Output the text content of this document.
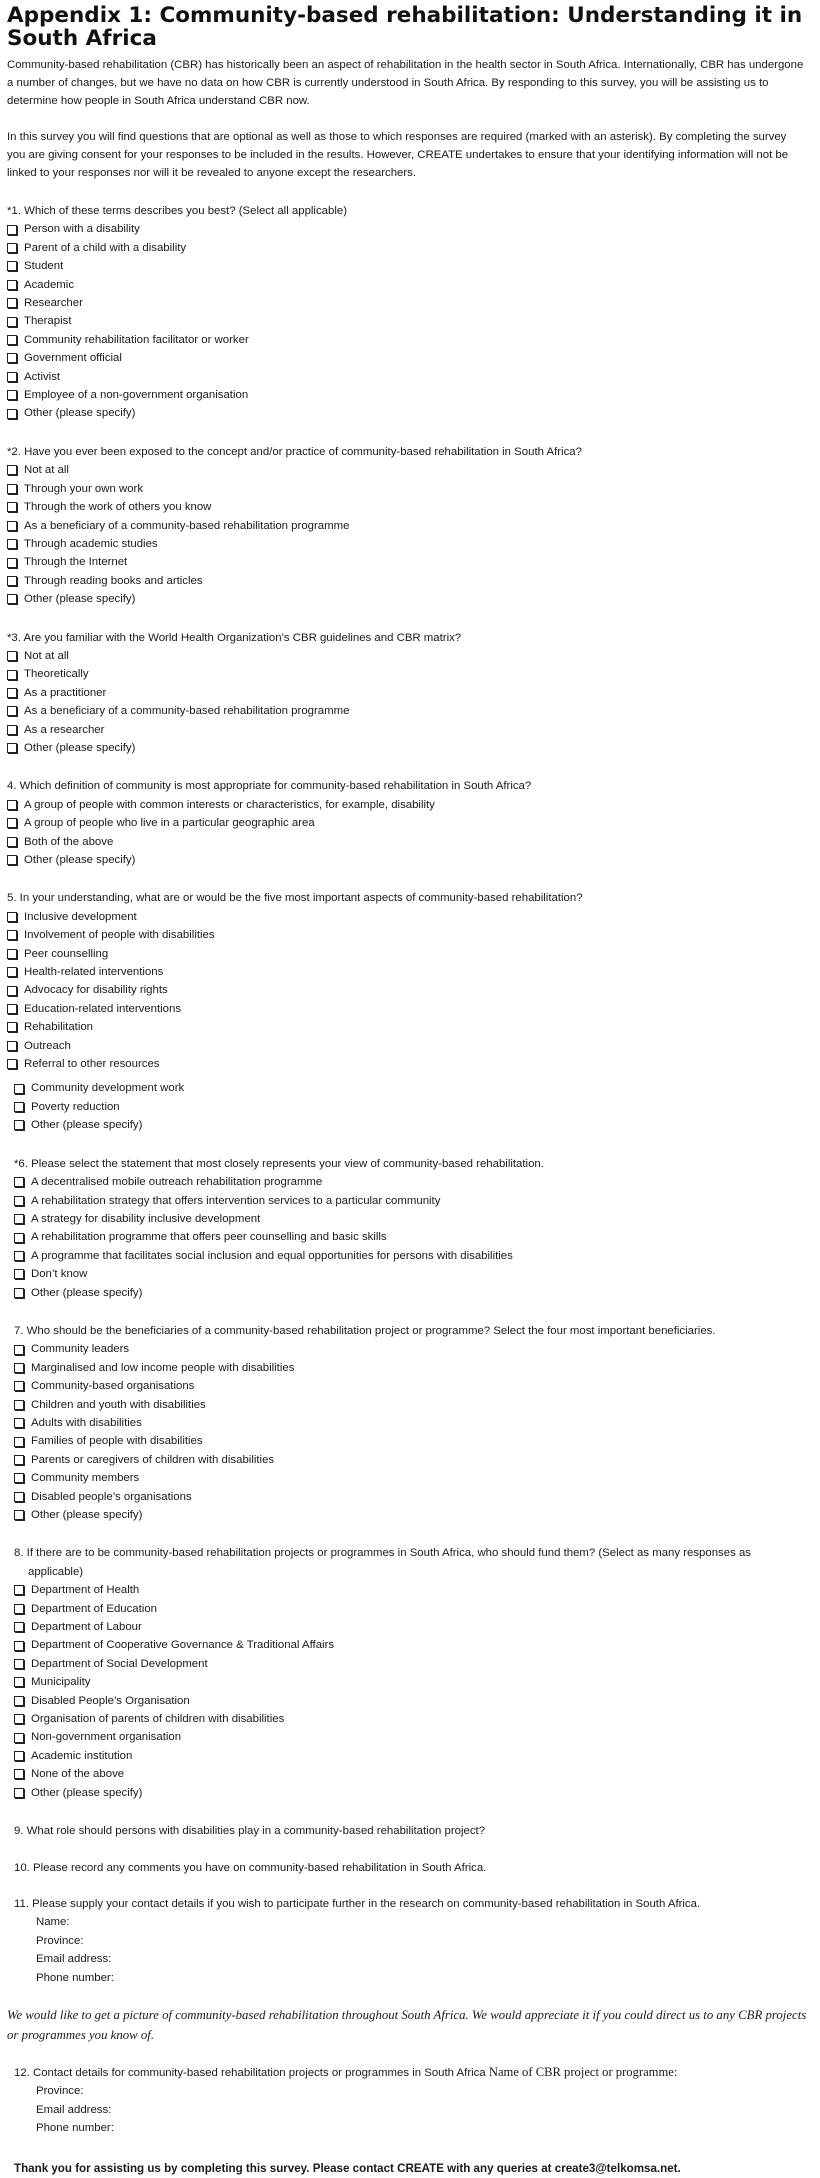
Appendix 1: Community-based rehabilitation: Understanding it in South Africa

Community-based rehabilitation (CBR) has historically been an aspect of rehabilitation in the health sector in South Africa. Internationally, CBR has undergone a number of changes, but we have no data on how CBR is currently understood in South Africa. By responding to this survey, you will be assisting us to determine how people in South Africa understand CBR now.

In this survey you will find questions that are optional as well as those to which responses are required (marked with an asterisk). By completing the survey you are giving consent for your responses to be included in the results. However, CREATE undertakes to ensure that your identifying information will not be linked to your responses nor will it be revealed to anyone except the researchers.

*1. Which of these terms describes you best? (Select all applicable)
Person with a disability
Parent of a child with a disability
Student
Academic
Researcher
Therapist
Community rehabilitation facilitator or worker
Government official
Activist
Employee of a non-government organisation
Other (please specify)
*2. Have you ever been exposed to the concept and/or practice of community-based rehabilitation in South Africa?
Not at all
Through your own work
Through the work of others you know
As a beneficiary of a community-based rehabilitation programme
Through academic studies
Through the Internet
Through reading books and articles
Other (please specify)
*3. Are you familiar with the World Health Organization’s CBR guidelines and CBR matrix?
Not at all
Theoretically
As a practitioner
As a beneficiary of a community-based rehabilitation programme
As a researcher
Other (please specify)
4. Which definition of community is most appropriate for community-based rehabilitation in South Africa?
A group of people with common interests or characteristics, for example, disability
A group of people who live in a particular geographic area
Both of the above
Other (please specify)
5. In your understanding, what are or would be the five most important aspects of community-based rehabilitation?
Inclusive development
Involvement of people with disabilities
Peer counselling
Health-related interventions
Advocacy for disability rights
Education-related interventions
Rehabilitation
Outreach
Referral to other resources
Community development work
Poverty reduction
Other (please specify)
*6. Please select the statement that most closely represents your view of community-based rehabilitation.
A decentralised mobile outreach rehabilitation programme
A rehabilitation strategy that offers intervention services to a particular community
A strategy for disability inclusive development
A rehabilitation programme that offers peer counselling and basic skills
A programme that facilitates social inclusion and equal opportunities for persons with disabilities
Don’t know
Other (please specify)
7. Who should be the beneficiaries of a community-based rehabilitation project or programme? Select the four most important beneficiaries.
Community leaders
Marginalised and low income people with disabilities
Community-based organisations
Children and youth with disabilities
Adults with disabilities
Families of people with disabilities
Parents or caregivers of children with disabilities
Community members
Disabled people’s organisations
Other (please specify)
8. If there are to be community-based rehabilitation projects or programmes in South Africa, who should fund them? (Select as many responses as applicable)
Department of Health
Department of Education
Department of Labour
Department of Cooperative Governance & Traditional Affairs
Department of Social Development
Municipality
Disabled People’s Organisation
Organisation of parents of children with disabilities
Non-government organisation
Academic institution
None of the above
Other (please specify)
9. What role should persons with disabilities play in a community-based rehabilitation project?
10. Please record any comments you have on community-based rehabilitation in South Africa.
11. Please supply your contact details if you wish to participate further in the research on community-based rehabilitation in South Africa.
Name:
Province:
Email address:
Phone number:
We would like to get a picture of community-based rehabilitation throughout South Africa. We would appreciate it if you could direct us to any CBR projects or programmes you know of.
12. Contact details for community-based rehabilitation projects or programmes in South Africa Name of CBR project or programme:
Province:
Email address:
Phone number:
Thank you for assisting us by completing this survey. Please contact CREATE with any queries at create3@telkomsa.net.
